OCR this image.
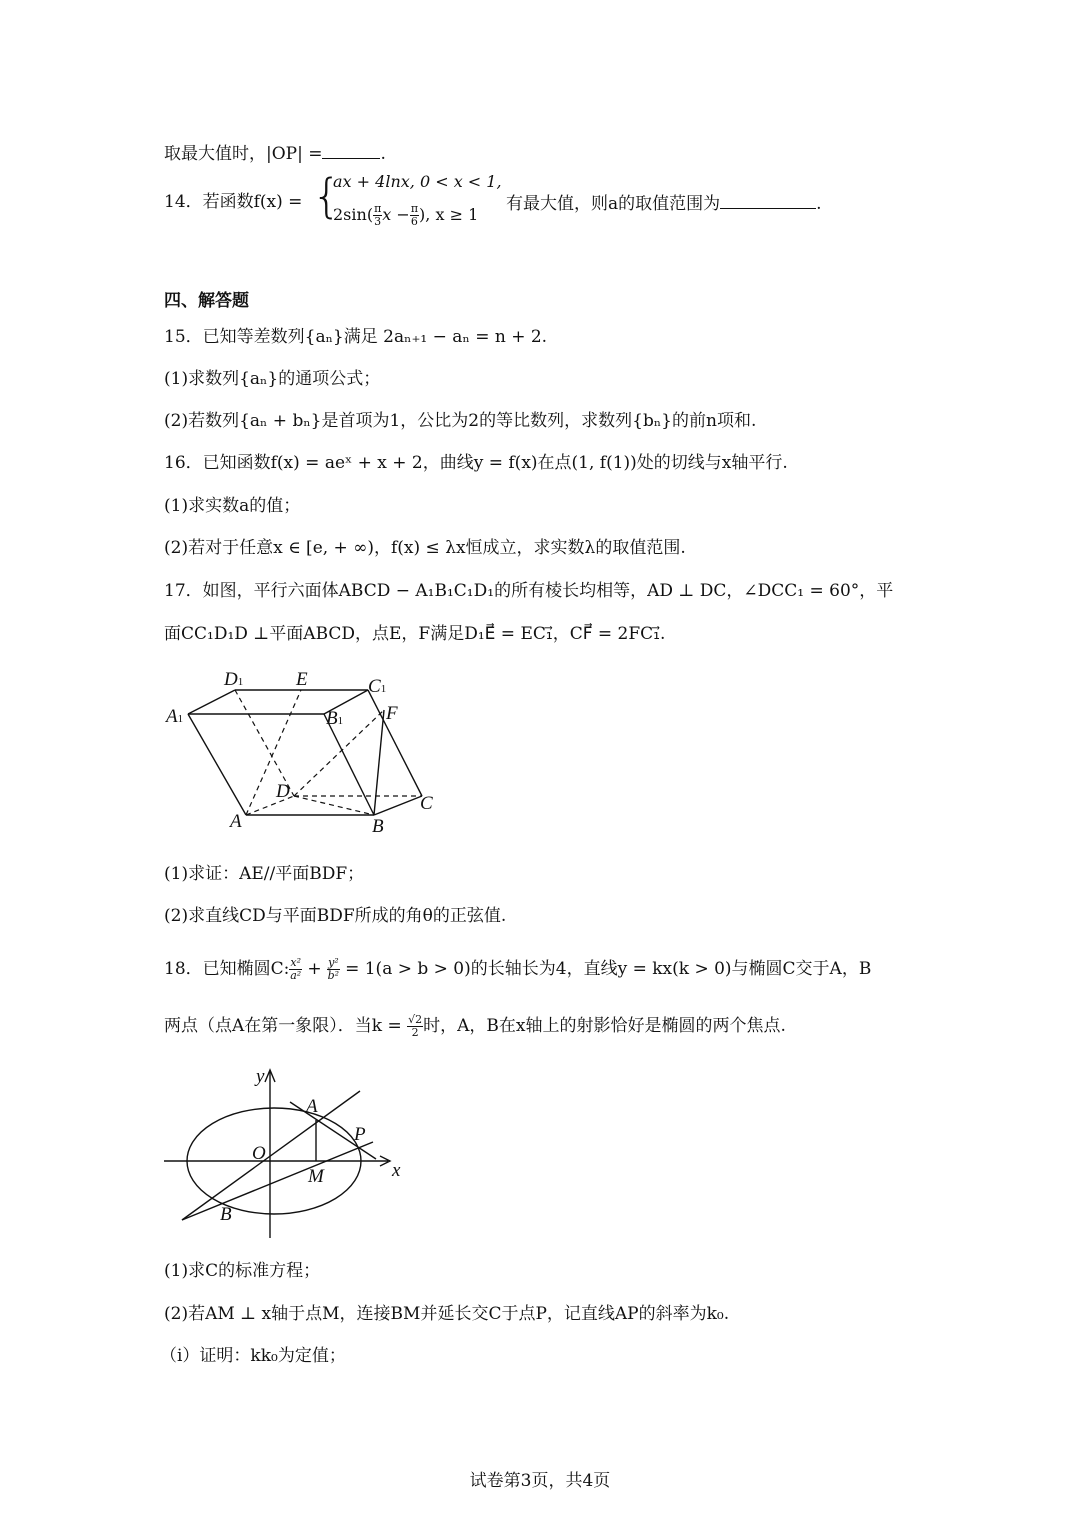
取最大值时，|OP| =	.
14．若函数f(x) = {
ax + 4lnx, 0 < x < 1,
$2\sin( \frac{\pi}{3}$ $x - \frac{\pi}{6}$ ), x ≥ 1
有最大值，则a的取值范围为	.
四、解答题
15．已知等差数列{aₙ}满足 2aₙ₊₁ − aₙ = n + 2.
(1)求数列{aₙ}的通项公式；
(2)若数列{aₙ + bₙ}是首项为1，公比为2的等比数列，求数列{bₙ}的前n项和.
16．已知函数f(x) = aeˣ + x + 2，曲线y = f(x)在点(1, f(1))处的切线与x轴平行.
(1)求实数a的值；
(2)若对于任意x ∈ [e, + ∞)，f(x) ≤ λx恒成立，求实数λ的取值范围.
17．如图，平行六面体ABCD − A₁B₁C₁D₁的所有棱长均相等，AD ⊥ DC，∠DCC₁ = 60°，平
面CC₁D₁D ⊥平面ABCD，点E，F满足D₁E⃗ = EC₁⃗，CF⃗ = 2FC₁⃗.
D1	E	C1
A1	B1 F
D
C
A	B
(1)求证：AE//平面BDF；
(2)求直线CD与平面BDF所成的角θ的正弦值.
18．已知椭圆C: $\frac{\text{x²}}{\text{a²}} + \frac{\text{y²}}{\text{b²}} = 1(a > b > 0)$的长轴长为4，直线y = kx(k > 0)与椭圆C交于A，B
两点（点A在第一象限）．当$k = \frac{√2}{2}$ 时，A，B在x轴上的射影恰好是椭圆的两个焦点.
y
x
A
P
O
M
B
(1)求C的标准方程；
(2)若AM ⊥ x轴于点M，连接BM并延长交C于点P，记直线AP的斜率为k₀.
（i）证明：kk₀为定值；
试卷第3页，共4页
